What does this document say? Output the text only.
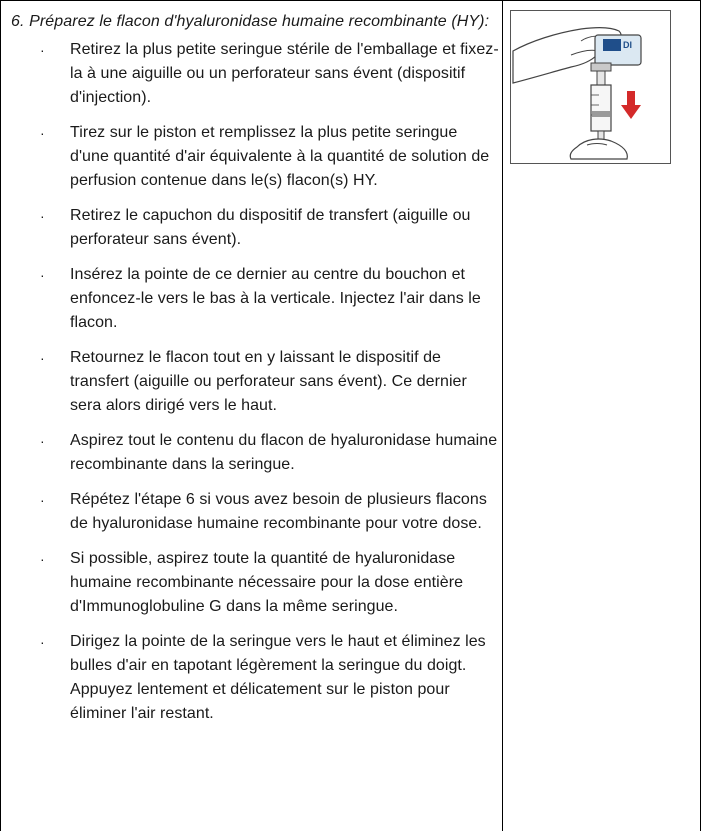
6. Préparez le flacon d'hyaluronidase humaine recombinante (HY):

· Retirez la plus petite seringue stérile de l'emballage et fixez-la à une aiguille ou un perforateur sans évent (dispositif d'injection).
· Tirez sur le piston et remplissez la plus petite seringue d'une quantité d'air équivalente à la quantité de solution de perfusion contenue dans le(s) flacon(s) HY.
· Retirez le capuchon du dispositif de transfert (aiguille ou perforateur sans évent).
· Insérez la pointe de ce dernier au centre du bouchon et enfoncez-le vers le bas à la verticale. Injectez l'air dans le flacon.
· Retournez le flacon tout en y laissant le dispositif de transfert (aiguille ou perforateur sans évent). Ce dernier sera alors dirigé vers le haut.
· Aspirez tout le contenu du flacon de hyaluronidase humaine recombinante dans la seringue.
· Répétez l'étape 6 si vous avez besoin de plusieurs flacons de hyaluronidase humaine recombinante pour votre dose.
· Si possible, aspirez toute la quantité de hyaluronidase humaine recombinante nécessaire pour la dose entière d'Immunoglobuline G dans la même seringue.
· Dirigez la pointe de la seringue vers le haut et éliminez les bulles d'air en tapotant légèrement la seringue du doigt. Appuyez lentement et délicatement sur le piston pour éliminer l'air restant.
DI
